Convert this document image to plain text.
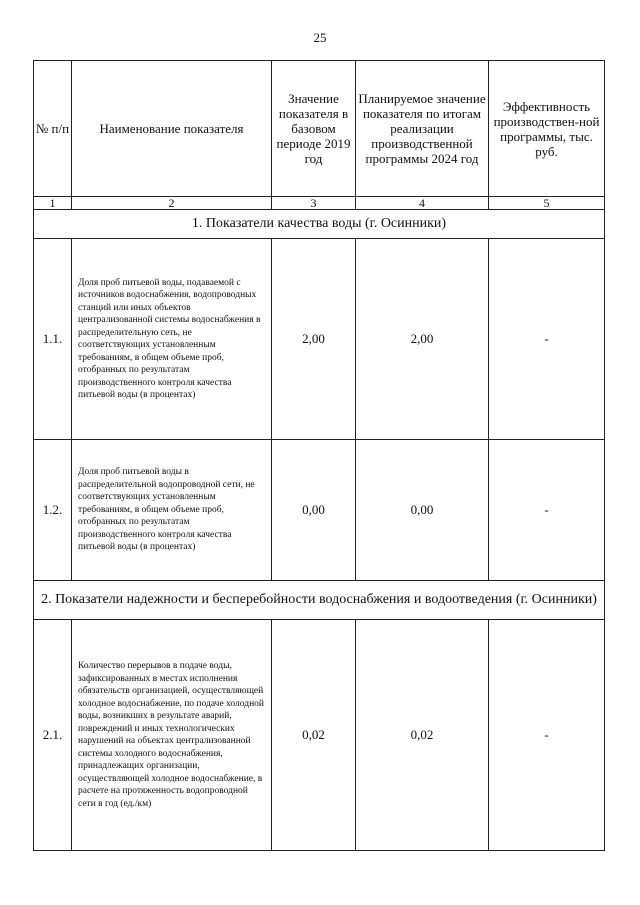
25
№ п/п	Наименование показателя	Значение показателя в базовом периоде 2019 год	Планируемое значение показателя по итогам реализации производственной программы 2024 год	Эффективность производствен-ной программы, тыс. руб.
1	2	3	4	5
1. Показатели качества воды (г. Осинники)				
1.1.	Доля проб питьевой воды, подаваемой с источников водоснабжения, водопроводных станций или иных объектов централизованной системы водоснабжения в распределительную сеть, не соответствующих установленным требованиям, в общем объеме проб, отобранных по результатам производственного контроля качества питьевой воды (в процентах)	2,00	2,00	-
1.2.	Доля проб питьевой воды в распределительной водопроводной сети, не соответствующих установленным требованиям, в общем объеме проб, отобранных по результатам производственного контроля качества питьевой воды (в процентах)	0,00	0,00	-
2. Показатели надежности и бесперебойности водоснабжения и водоотведения (г. Осинники)				
2.1.	Количество перерывов в подаче воды, зафиксированных в местах исполнения обязательств организацией, осуществляющей холодное водоснабжение, по подаче холодной воды, возникших в результате аварий, повреждений и иных технологических нарушений на объектах централизованной системы холодного водоснабжения, принадлежащих организации, осуществляющей холодное водоснабжение, в расчете на протяженность водопроводной сети в год (ед./км)	0,02	0,02	-
